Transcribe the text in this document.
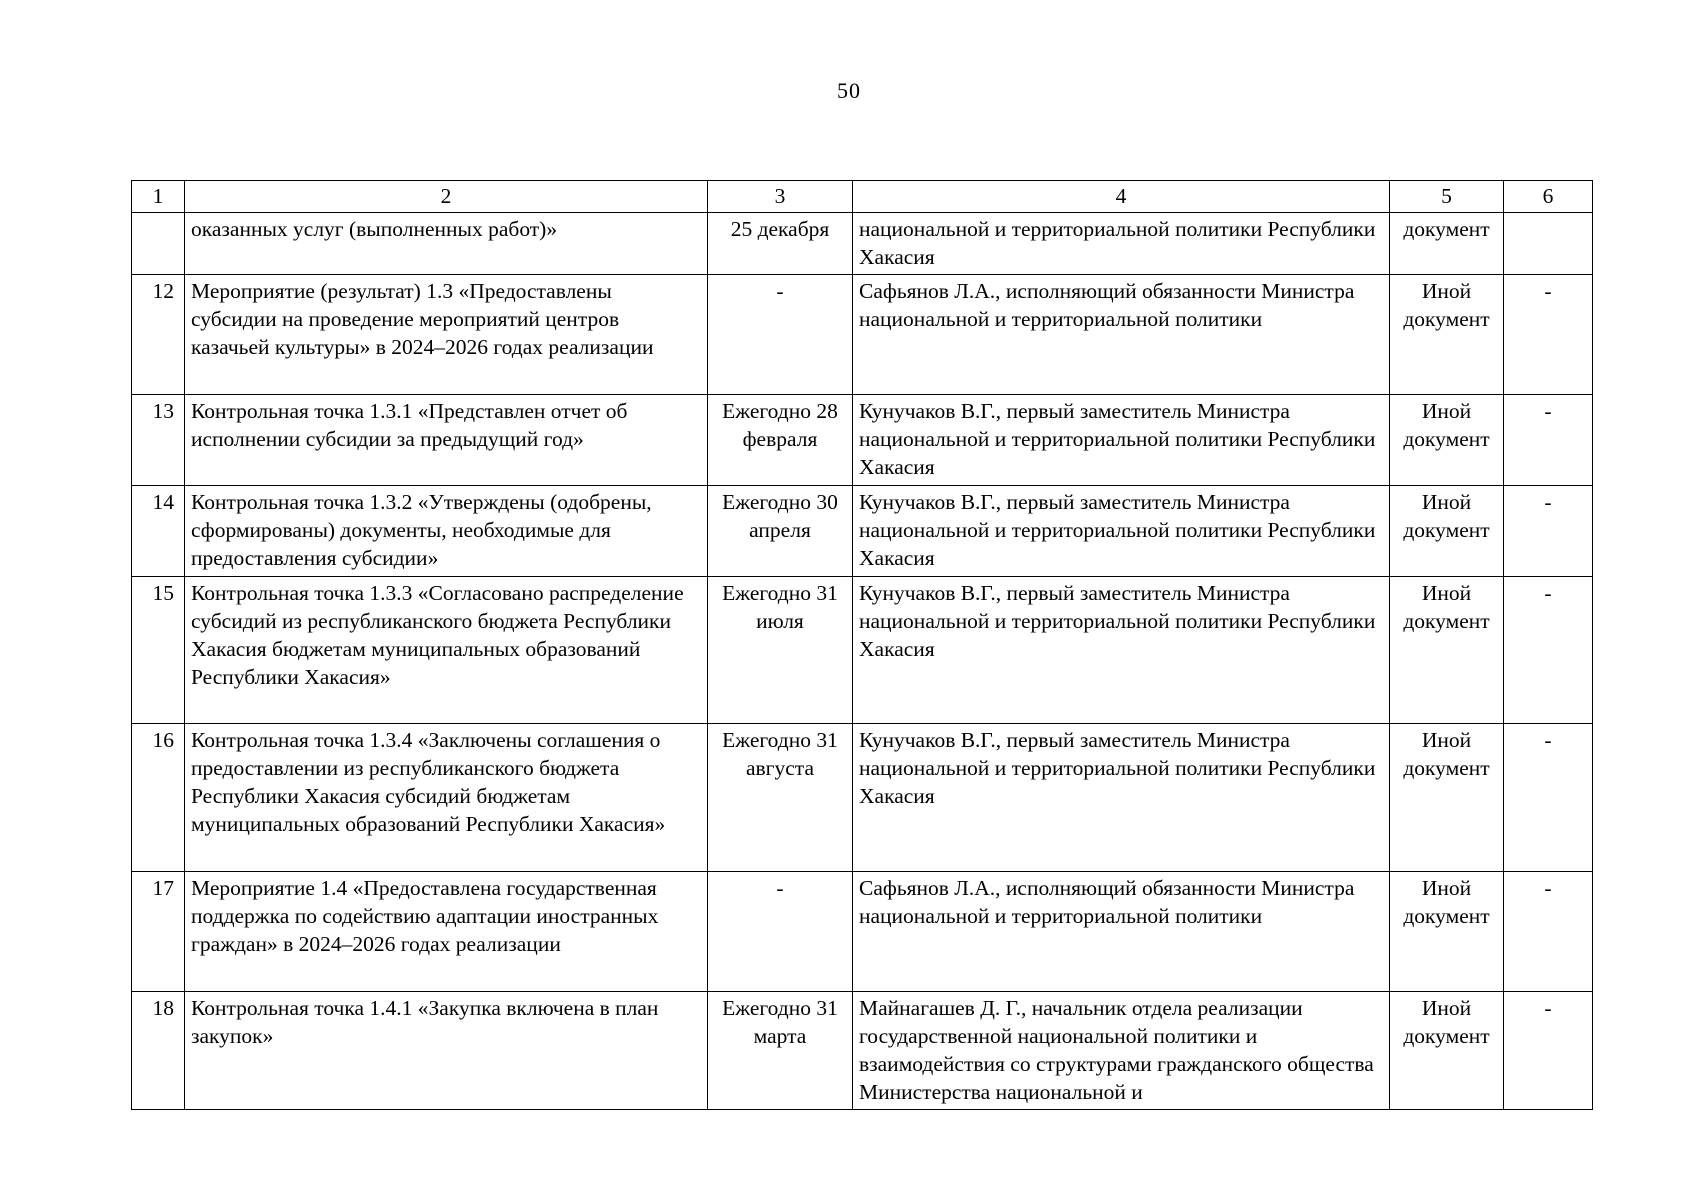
50
1	2	3	4	5	6
	оказанных услуг (выполненных работ)»	25 декабря	национальной и территориальной политики Республики Хакасия	документ	
12	Мероприятие (результат) 1.3 «Предоставлены субсидии на проведение мероприятий центров казачьей культуры» в 2024–2026 годах реализации	-	Сафьянов Л.А., исполняющий обязанности Министра национальной и территориальной политики	Иной документ	-
13	Контрольная точка 1.3.1 «Представлен отчет об исполнении субсидии за предыдущий год»	Ежегодно 28 февраля	Кунучаков В.Г., первый заместитель Министра национальной и территориальной политики Республики Хакасия	Иной документ	-
14	Контрольная точка 1.3.2 «Утверждены (одобрены, сформированы) документы, необходимые для предоставления субсидии»	Ежегодно 30 апреля	Кунучаков В.Г., первый заместитель Министра национальной и территориальной политики Республики Хакасия	Иной документ	-
15	Контрольная точка 1.3.3 «Согласовано распределение субсидий из республиканского бюджета Республики Хакасия бюджетам муниципальных образований Республики Хакасия»	Ежегодно 31 июля	Кунучаков В.Г., первый заместитель Министра национальной и территориальной политики Республики Хакасия	Иной документ	-
16	Контрольная точка 1.3.4 «Заключены соглашения о предоставлении из республиканского бюджета Республики Хакасия субсидий бюджетам муниципальных образований Республики Хакасия»	Ежегодно 31 августа	Кунучаков В.Г., первый заместитель Министра национальной и территориальной политики Республики Хакасия	Иной документ	-
17	Мероприятие 1.4 «Предоставлена государственная поддержка по содействию адаптации иностранных граждан» в 2024–2026 годах реализации	-	Сафьянов Л.А., исполняющий обязанности Министра национальной и территориальной политики	Иной документ	-
18	Контрольная точка 1.4.1 «Закупка включена в план закупок»	Ежегодно 31 марта	Майнагашев Д. Г., начальник отдела реализации государственной национальной политики и взаимодействия со структурами гражданского общества Министерства национальной и	Иной документ	-
